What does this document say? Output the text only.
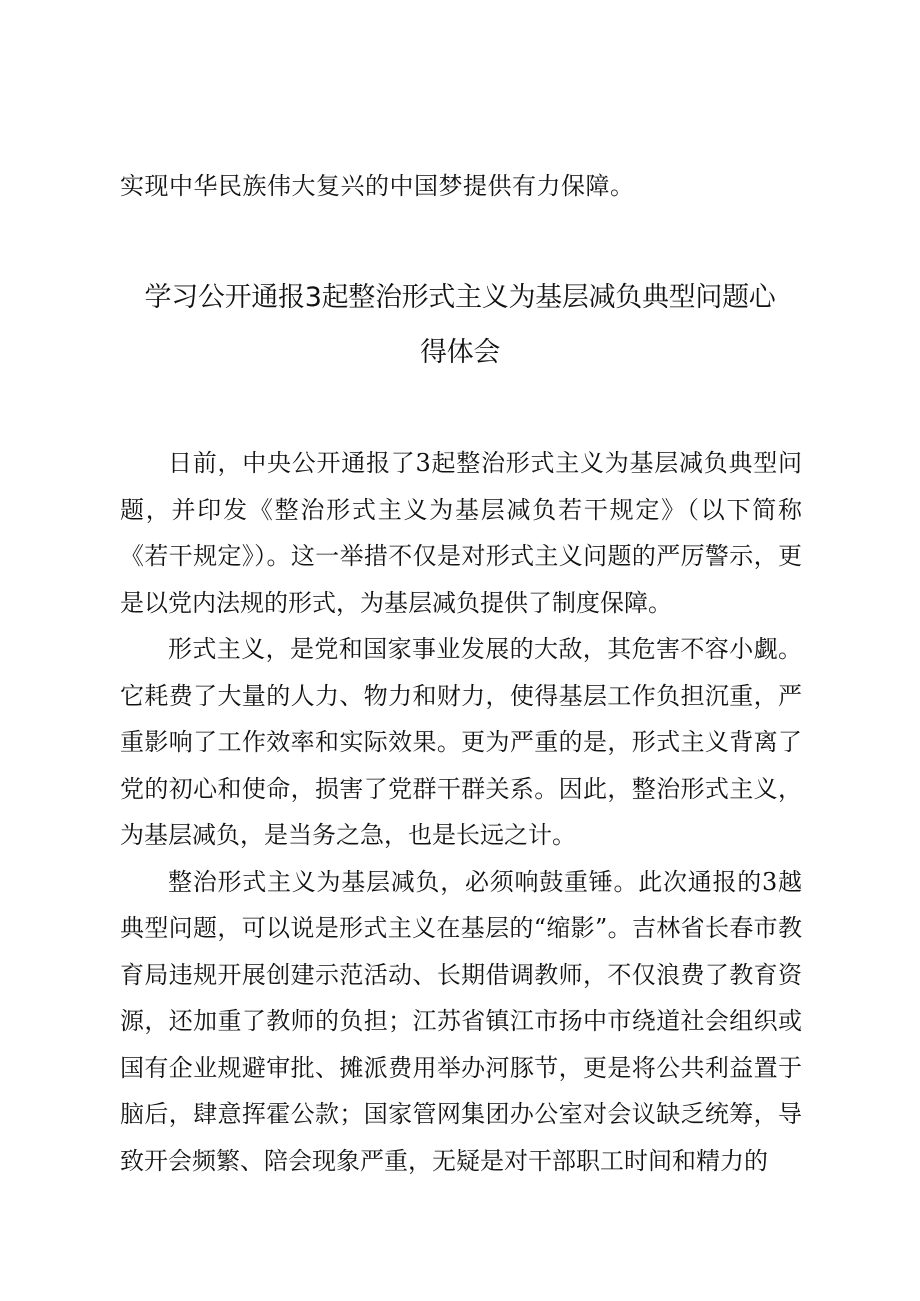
实现中华民族伟大复兴的中国梦提供有力保障。
学习公开通报3起整治形式主义为基层减负典型问题心
得体会

日前，中央公开通报了3起整治形式主义为基层减负典型问题，并印发《整治形式主义为基层减负若干规定》（以下简称《若干规定》）。这一举措不仅是对形式主义问题的严厉警示，更是以党内法规的形式，为基层减负提供了制度保障。

形式主义，是党和国家事业发展的大敌，其危害不容小觑。它耗费了大量的人力、物力和财力，使得基层工作负担沉重，严重影响了工作效率和实际效果。更为严重的是，形式主义背离了党的初心和使命，损害了党群干群关系。因此，整治形式主义，为基层减负，是当务之急，也是长远之计。

整治形式主义为基层减负，必须响鼓重锤。此次通报的3越典型问题，可以说是形式主义在基层的“缩影”。吉林省长春市教育局违规开展创建示范活动、长期借调教师，不仅浪费了教育资源，还加重了教师的负担；江苏省镇江市扬中市绕道社会组织或国有企业规避审批、摊派费用举办河豚节，更是将公共利益置于脑后，肆意挥霍公款；国家管网集团办公室对会议缺乏统筹，导致开会频繁、陪会现象严重，无疑是对干部职工时间和精力的
